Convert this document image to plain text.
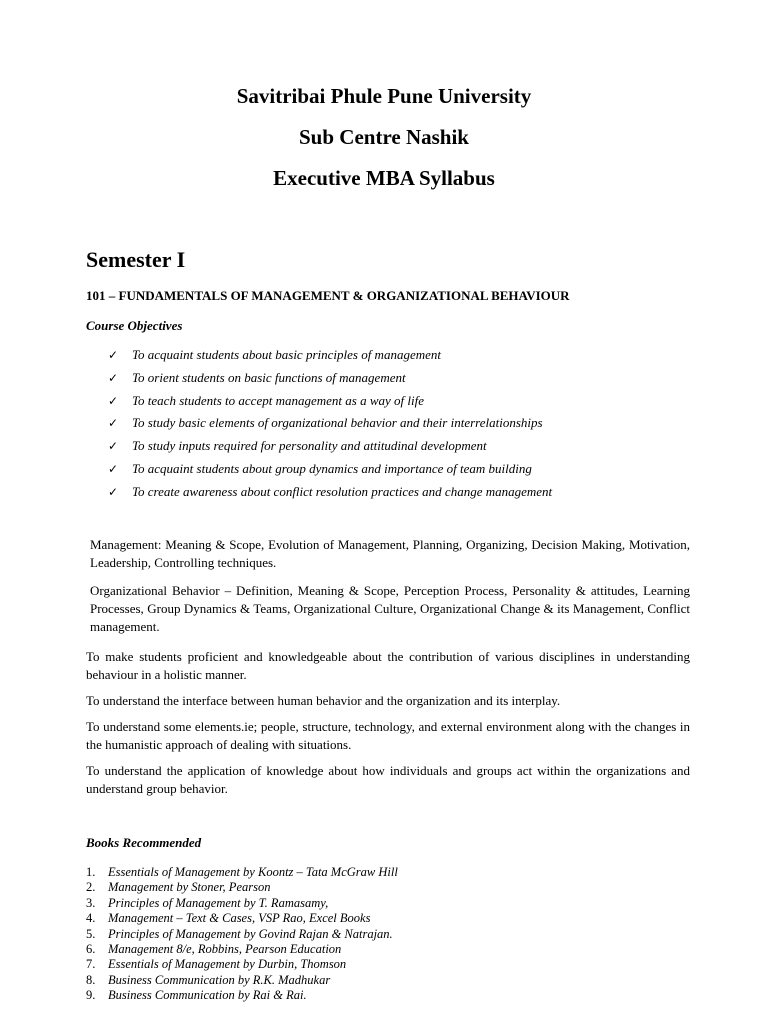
Savitribai Phule Pune University
Sub Centre Nashik
Executive MBA Syllabus
Semester I
101 – FUNDAMENTALS OF MANAGEMENT & ORGANIZATIONAL BEHAVIOUR
Course Objectives
✓	To acquaint students about basic principles of management
✓	To orient students on basic functions of management
✓	To teach students to accept management as a way of life
✓	To study basic elements of organizational behavior and their interrelationships
✓	To study inputs required for personality and attitudinal development
✓	To acquaint students about group dynamics and importance of team building
✓	To create awareness about conflict resolution practices and change management

Management: Meaning & Scope, Evolution of Management, Planning, Organizing, Decision Making, Motivation, Leadership, Controlling techniques.

Organizational Behavior – Definition, Meaning & Scope, Perception Process, Personality & attitudes, Learning Processes, Group Dynamics & Teams, Organizational Culture, Organizational Change & its Management, Conflict management.

To make students proficient and knowledgeable about the contribution of various disciplines in understanding behaviour in a holistic manner.

To understand the interface between human behavior and the organization and its interplay.

To understand some elements.ie; people, structure, technology, and external environment along with the changes in the humanistic approach of dealing with situations.

To understand the application of knowledge about how individuals and groups act within the organizations and understand group behavior.

Books Recommended
1.	Essentials of Management by Koontz – Tata McGraw Hill
2.	Management by Stoner, Pearson
3.	Principles of Management by T. Ramasamy,
4.	Management – Text & Cases, VSP Rao, Excel Books
5.	Principles of Management by Govind Rajan & Natrajan.
6.	Management 8/e, Robbins, Pearson Education
7.	Essentials of Management by Durbin, Thomson
8.	Business Communication by R.K. Madhukar
9.	Business Communication by Rai & Rai.
